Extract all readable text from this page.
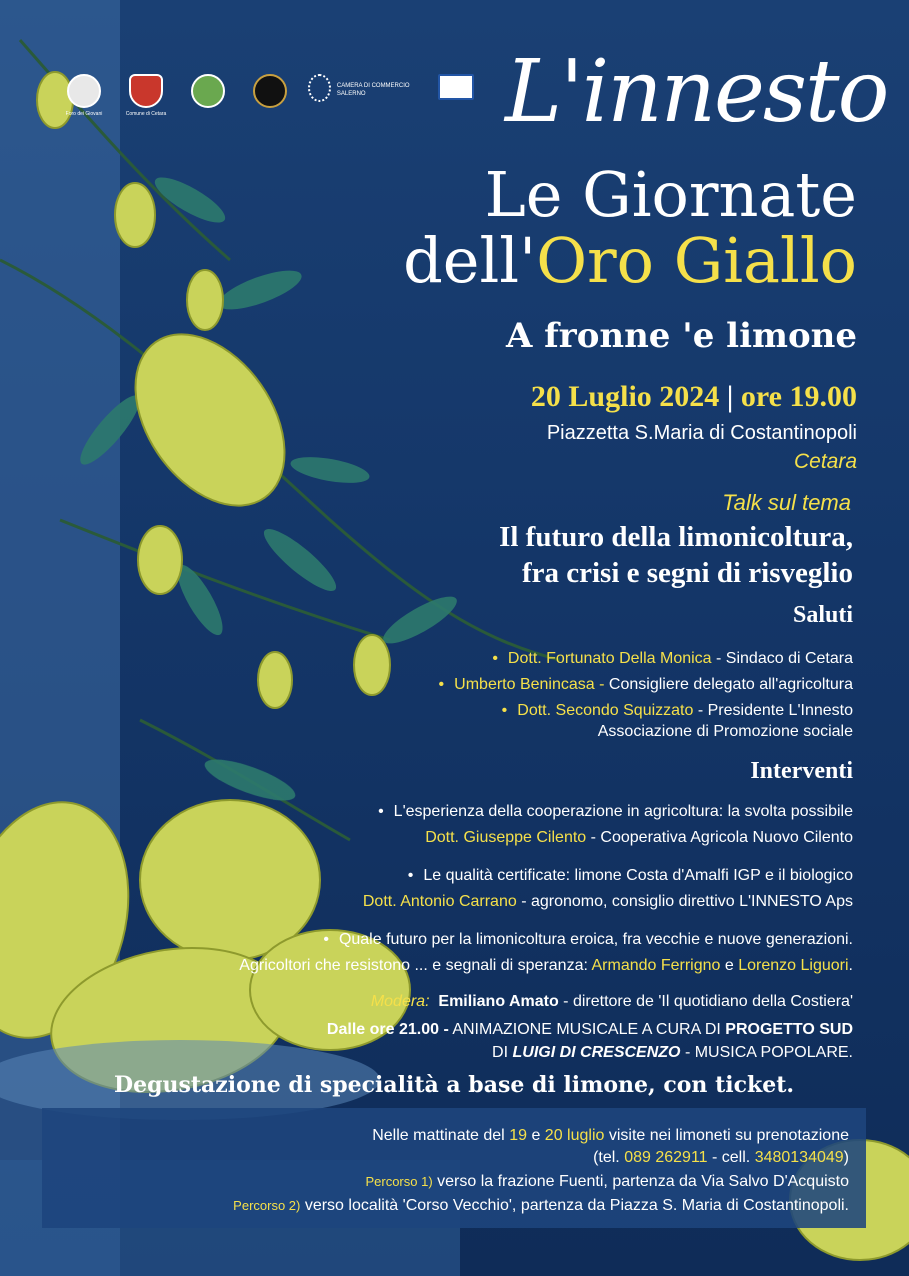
Foro dei Giovani	Comune di Cetara
CAMERA DI COMMERCIO SALERNO	L'innesto
Le Giornate
dell'Oro Giallo
A fronne 'e limone
20 Luglio 2024 | ore 19.00
Piazzetta S.Maria di Costantinopoli
Cetara
Talk sul tema
Il futuro della limonicoltura,
fra crisi e segni di risveglio
Saluti
• Dott. Fortunato Della Monica - Sindaco di Cetara
• Umberto Benincasa - Consigliere delegato all'agricoltura
• Dott. Secondo Squizzato - Presidente L'Innesto
Associazione di Promozione sociale
Interventi
• L'esperienza della cooperazione in agricoltura: la svolta possibile
Dott. Giuseppe Cilento - Cooperativa Agricola Nuovo Cilento
• Le qualità certificate: limone Costa d'Amalfi IGP e il biologico
Dott. Antonio Carrano - agronomo, consiglio direttivo L'INNESTO Aps
• Quale futuro per la limonicoltura eroica, fra vecchie e nuove generazioni.
Agricoltori che resistono ... e segnali di speranza: Armando Ferrigno e Lorenzo Liguori.
Modera: Emiliano Amato - direttore de 'Il quotidiano della Costiera'
Dalle ore 21.00 - ANIMAZIONE MUSICALE A CURA DI PROGETTO SUD
DI LUIGI DI CRESCENZO - MUSICA POPOLARE.
Degustazione di specialità a base di limone, con ticket.
Nelle mattinate del 19 e 20 luglio visite nei limoneti su prenotazione
(tel. 089 262911 - cell. 3480134049)
Percorso 1) verso la frazione Fuenti, partenza da Via Salvo D'Acquisto
Percorso 2) verso località 'Corso Vecchio', partenza da Piazza S. Maria di Costantinopoli.
